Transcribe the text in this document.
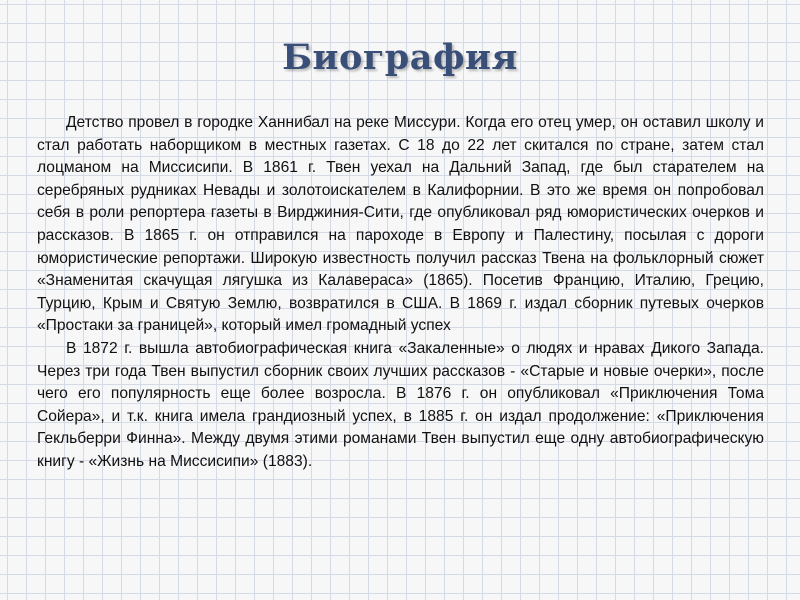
Биография

Детство провел в городке Ханнибал на реке Миссури. Когда его отец умер, он оставил школу и стал работать наборщиком в местных газетах. С 18 до 22 лет скитался по стране, затем стал лоцманом на Миссисипи. В 1861 г. Твен уехал на Дальний Запад, где был старателем на серебряных рудниках Невады и золотоискателем в Калифорнии. В это же время он попробовал себя в роли репортера газеты в Вирджиния-Сити, где опубликовал ряд юмористических очерков и рассказов. В 1865 г. он отправился на пароходе в Европу и Палестину, посылая с дороги юмористические репортажи. Широкую известность получил рассказ Твена на фольклорный сюжет «Знаменитая скачущая лягушка из Калавераса» (1865). Посетив Францию, Италию, Грецию, Турцию, Крым и Святую Землю, возвратился в США. В 1869 г. издал сборник путевых очерков «Простаки за границей», который имел громадный успех

В 1872 г. вышла автобиографическая книга «Закаленные» о людях и нравах Дикого Запада. Через три года Твен выпустил сборник своих лучших рассказов - «Старые и новые очерки», после чего его популярность еще более возросла. В 1876 г. он опубликовал «Приключения Тома Сойера», и т.к. книга имела грандиозный успех, в 1885 г. он издал продолжение: «Приключения Гекльберри Финна». Между двумя этими романами Твен выпустил еще одну автобиографическую книгу - «Жизнь на Миссисипи» (1883).
